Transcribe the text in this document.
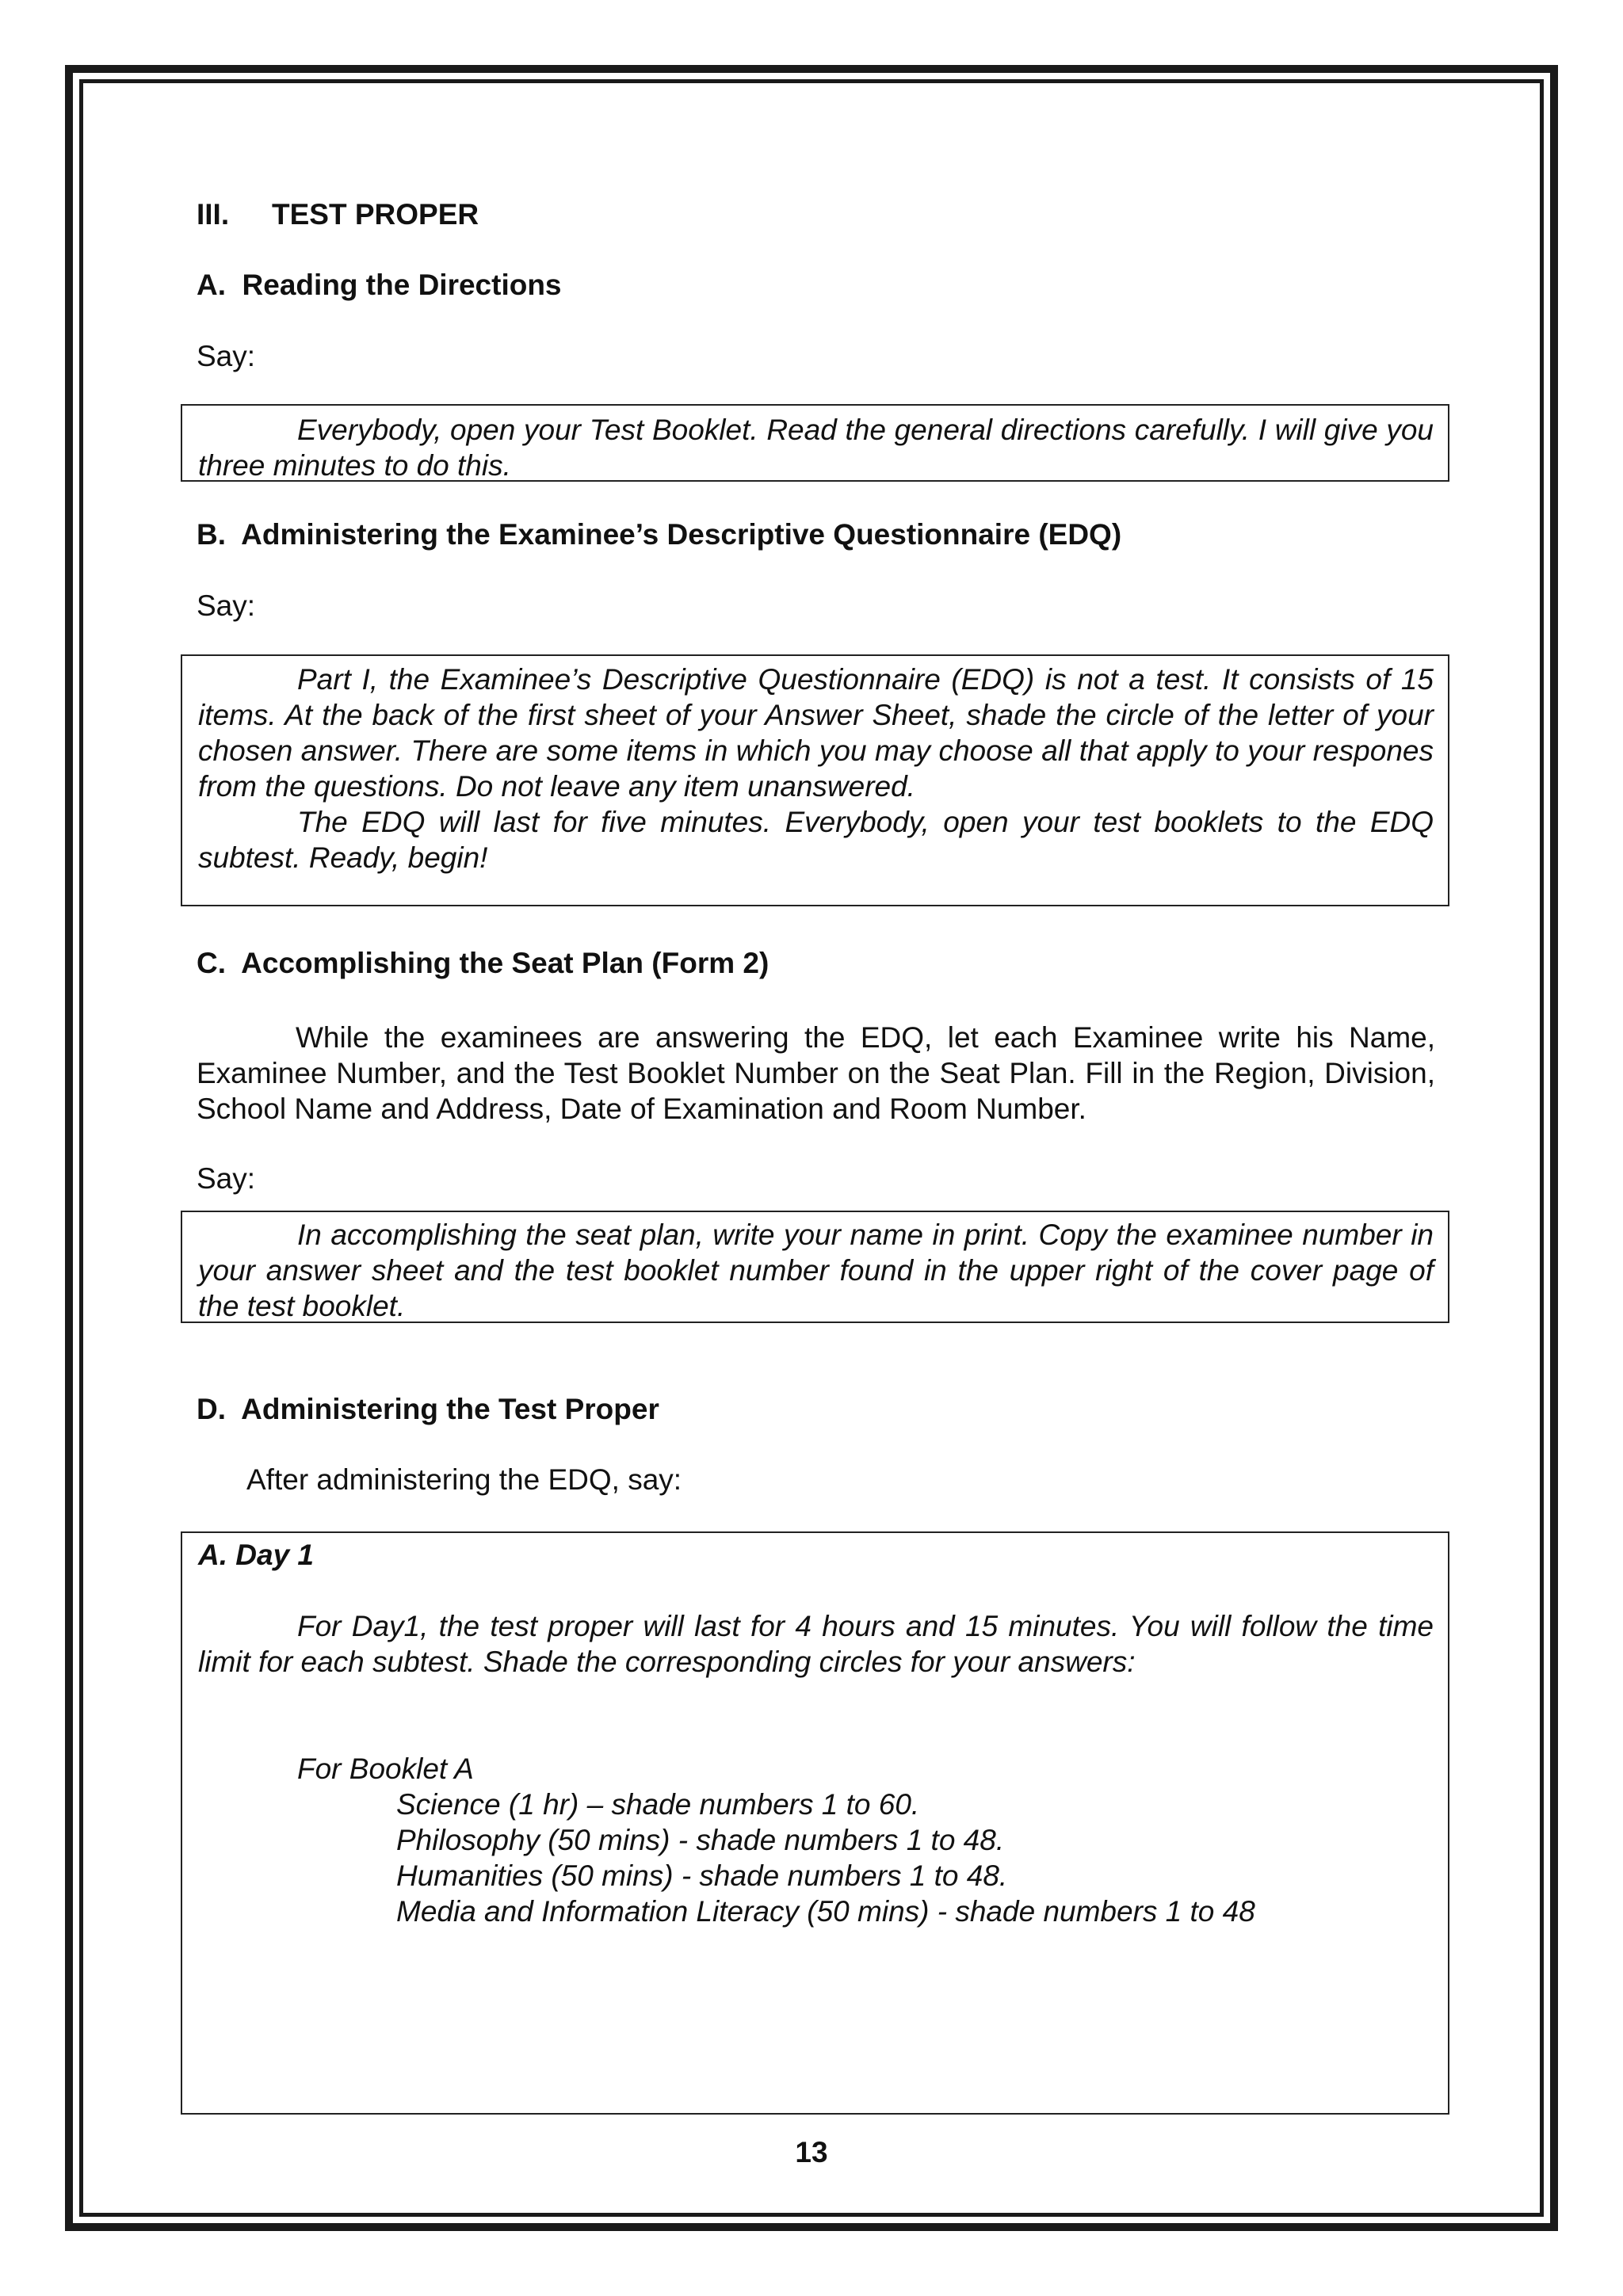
III. TEST PROPER
A.  Reading the Directions
Say:

Everybody, open your Test Booklet. Read the general directions carefully. I will give you three minutes to do this.

B.  Administering the Examinee’s Descriptive Questionnaire (EDQ)
Say:

Part I, the Examinee’s Descriptive Questionnaire (EDQ) is not a test. It consists of 15 items. At the back of the first sheet of your Answer Sheet, shade the circle of the letter of your chosen answer. There are some items in which you may choose all that apply to your respones from the questions. Do not leave any item unanswered.

The EDQ will last for five minutes. Everybody, open your test booklets to the EDQ subtest. Ready, begin!

C.  Accomplishing the Seat Plan (Form 2)
While the examinees are answering the EDQ, let each Examinee write his Name, Examinee Number, and the Test Booklet Number on the Seat Plan. Fill in the Region, Division, School Name and Address, Date of Examination and Room Number.
Say:

In accomplishing the seat plan, write your name in print. Copy the examinee number in your answer sheet and the test booklet number found in the upper right of the cover page of the test booklet.

D.  Administering the Test Proper
After administering the EDQ, say:

A. Day 1

For Day1, the test proper will last for 4 hours and 15 minutes. You will follow the time limit for each subtest. Shade the corresponding circles for your answers:

For Booklet A

Science (1 hr) – shade numbers 1 to 60.

Philosophy (50 mins) - shade numbers 1 to 48.

Humanities (50 mins) - shade numbers 1 to 48.

Media and Information Literacy (50 mins) - shade numbers 1 to 48

13
